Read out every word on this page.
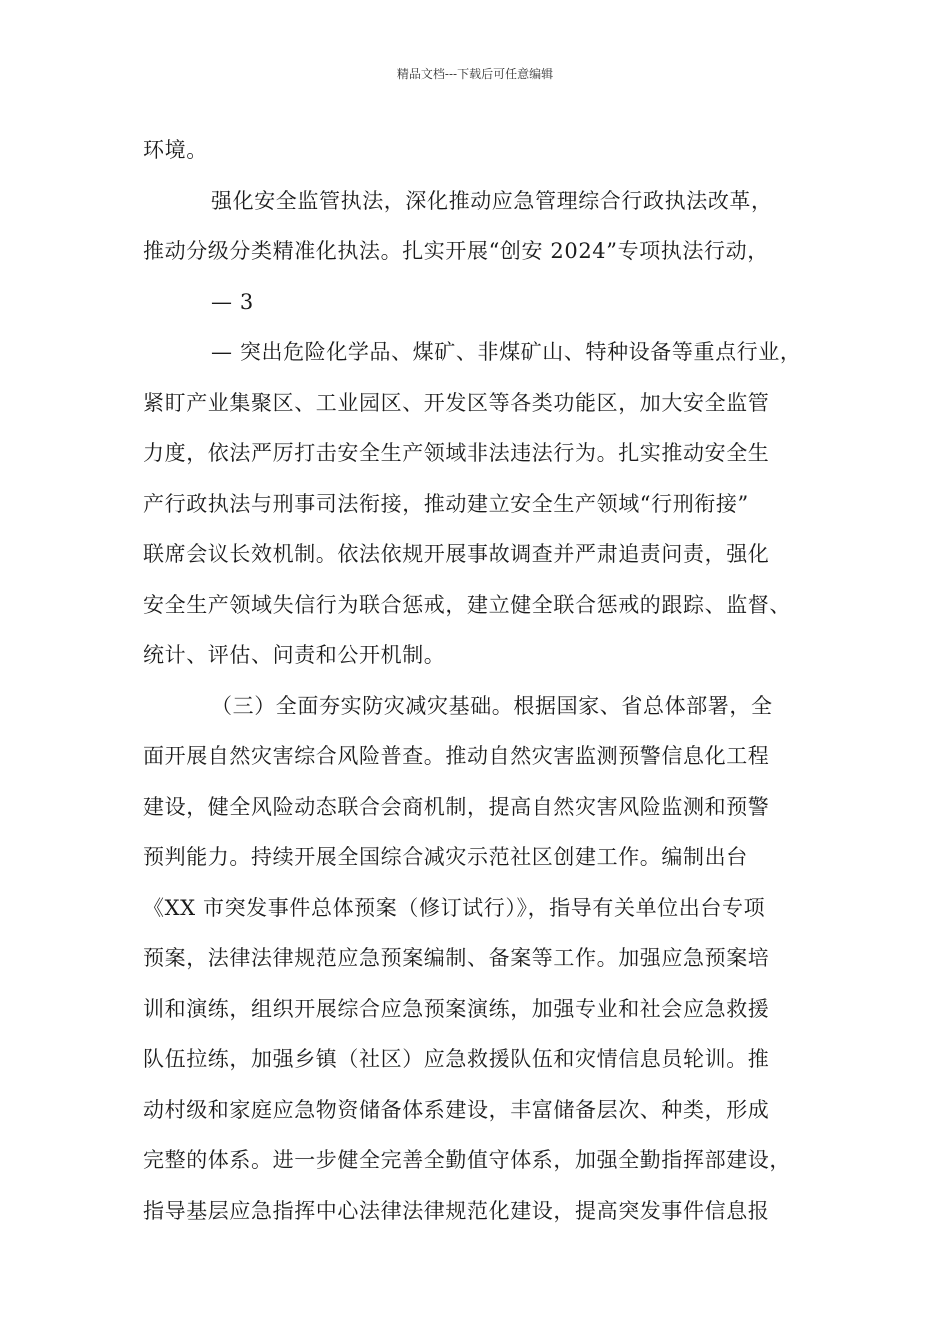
精品文档---下载后可任意编辑
环境。
强化安全监管执法，深化推动应急管理综合行政执法改革，
推动分级分类精准化执法。扎实开展“创安 2024”专项执法行动，
— 3
— 突出危险化学品、煤矿、非煤矿山、特种设备等重点行业，
紧盯产业集聚区、工业园区、开发区等各类功能区，加大安全监管
力度，依法严厉打击安全生产领域非法违法行为。扎实推动安全生
产行政执法与刑事司法衔接，推动建立安全生产领域“行刑衔接”
联席会议长效机制。依法依规开展事故调查并严肃追责问责，强化
安全生产领域失信行为联合惩戒，建立健全联合惩戒的跟踪、监督、
统计、评估、问责和公开机制。
（三）全面夯实防灾减灾基础。根据国家、省总体部署，全
面开展自然灾害综合风险普查。推动自然灾害监测预警信息化工程
建设，健全风险动态联合会商机制，提高自然灾害风险监测和预警
预判能力。持续开展全国综合减灾示范社区创建工作。编制出台
《XX 市突发事件总体预案（修订试行）》，指导有关单位出台专项
预案，法律法律规范应急预案编制、备案等工作。加强应急预案培
训和演练，组织开展综合应急预案演练，加强专业和社会应急救援
队伍拉练，加强乡镇（社区）应急救援队伍和灾情信息员轮训。推
动村级和家庭应急物资储备体系建设，丰富储备层次、种类，形成
完整的体系。进一步健全完善全勤值守体系，加强全勤指挥部建设，
指导基层应急指挥中心法律法律规范化建设，提高突发事件信息报
